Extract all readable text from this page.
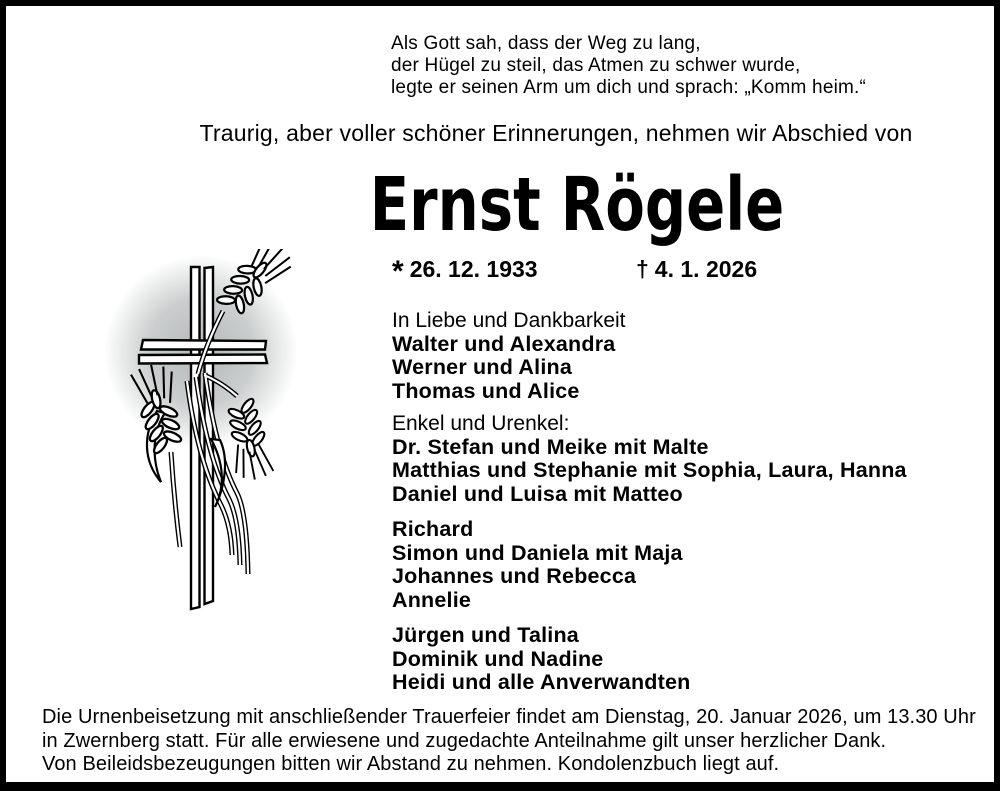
Als Gott sah, dass der Weg zu lang,
der Hügel zu steil, das Atmen zu schwer wurde,
legte er seinen Arm um dich und sprach: „Komm heim.“
Traurig, aber voller schöner Erinnerungen, nehmen wir Abschied von
Ernst Rögele
* 26. 12. 1933	† 4. 1. 2026
In Liebe und Dankbarkeit
Walter und Alexandra
Werner und Alina
Thomas und Alice
Enkel und Urenkel:
Dr. Stefan und Meike mit Malte
Matthias und Stephanie mit Sophia, Laura, Hanna
Daniel und Luisa mit Matteo
Richard
Simon und Daniela mit Maja
Johannes und Rebecca
Annelie
Jürgen und Talina
Dominik und Nadine
Heidi und alle Anverwandten
Die Urnenbeisetzung mit anschließender Trauerfeier findet am Dienstag, 20. Januar 2026, um 13.30 Uhr
in Zwernberg statt. Für alle erwiesene und zugedachte Anteilnahme gilt unser herzlicher Dank.
Von Beileidsbezeugungen bitten wir Abstand zu nehmen. Kondolenzbuch liegt auf.
